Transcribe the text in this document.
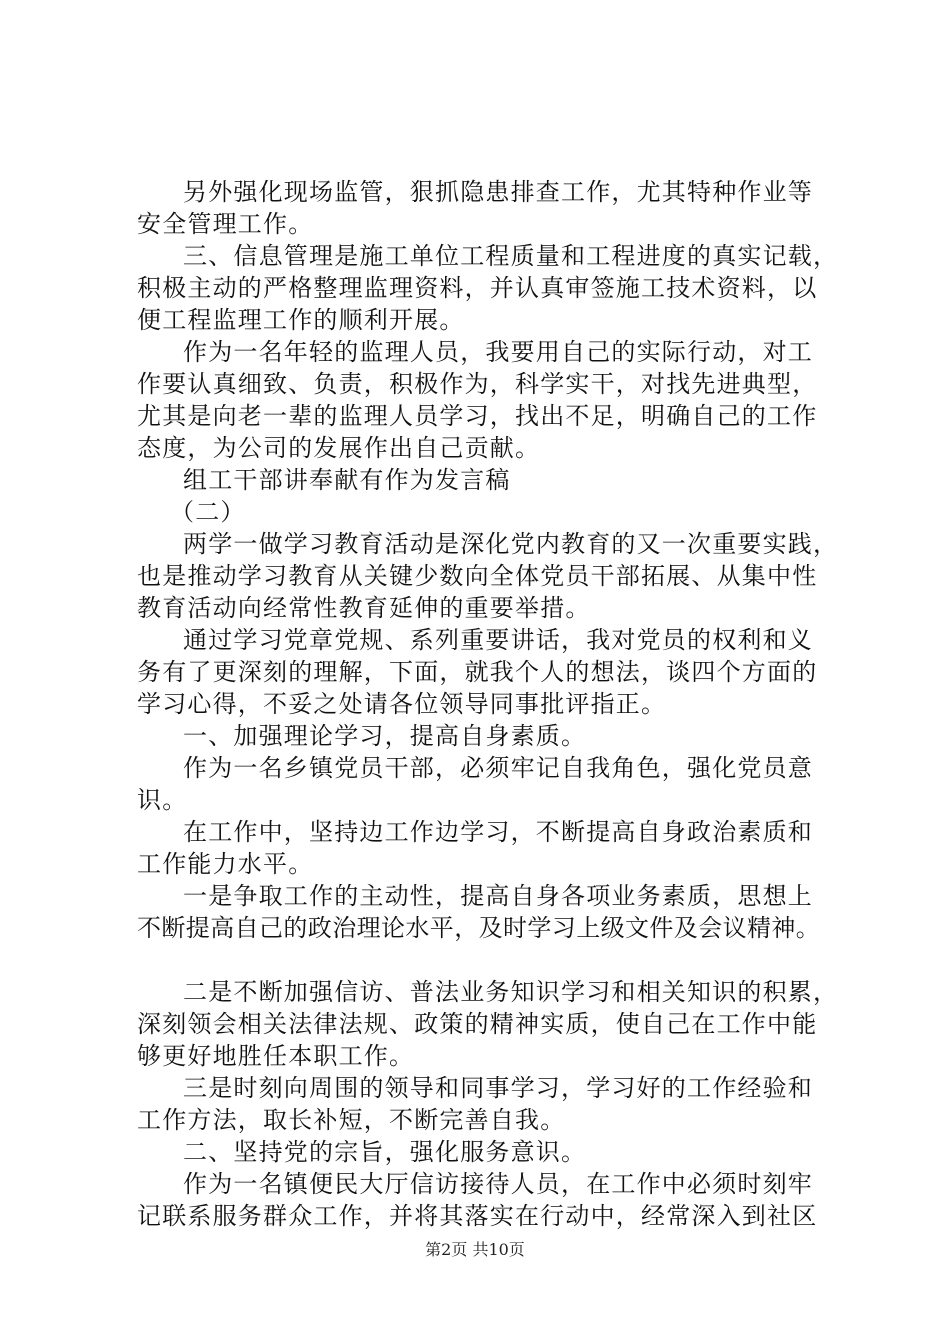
另外强化现场监管，狠抓隐患排查工作，尤其特种作业等
安全管理工作。
三、信息管理是施工单位工程质量和工程进度的真实记载，
积极主动的严格整理监理资料，并认真审签施工技术资料，以
便工程监理工作的顺利开展。
作为一名年轻的监理人员，我要用自己的实际行动，对工
作要认真细致、负责，积极作为，科学实干，对找先进典型，
尤其是向老一辈的监理人员学习，找出不足，明确自己的工作
态度，为公司的发展作出自己贡献。
组工干部讲奉献有作为发言稿
（二）
两学一做学习教育活动是深化党内教育的又一次重要实践，
也是推动学习教育从关键少数向全体党员干部拓展、从集中性
教育活动向经常性教育延伸的重要举措。
通过学习党章党规、系列重要讲话，我对党员的权利和义
务有了更深刻的理解，下面，就我个人的想法，谈四个方面的
学习心得，不妥之处请各位领导同事批评指正。
一、加强理论学习，提高自身素质。
作为一名乡镇党员干部，必须牢记自我角色，强化党员意
识。
在工作中，坚持边工作边学习，不断提高自身政治素质和
工作能力水平。
一是争取工作的主动性，提高自身各项业务素质，思想上
不断提高自己的政治理论水平，及时学习上级文件及会议精神。
二是不断加强信访、普法业务知识学习和相关知识的积累，
深刻领会相关法律法规、政策的精神实质，使自己在工作中能
够更好地胜任本职工作。
三是时刻向周围的领导和同事学习，学习好的工作经验和
工作方法，取长补短，不断完善自我。
二、坚持党的宗旨，强化服务意识。
作为一名镇便民大厅信访接待人员，在工作中必须时刻牢
记联系服务群众工作，并将其落实在行动中，经常深入到社区
第2页 共10页
